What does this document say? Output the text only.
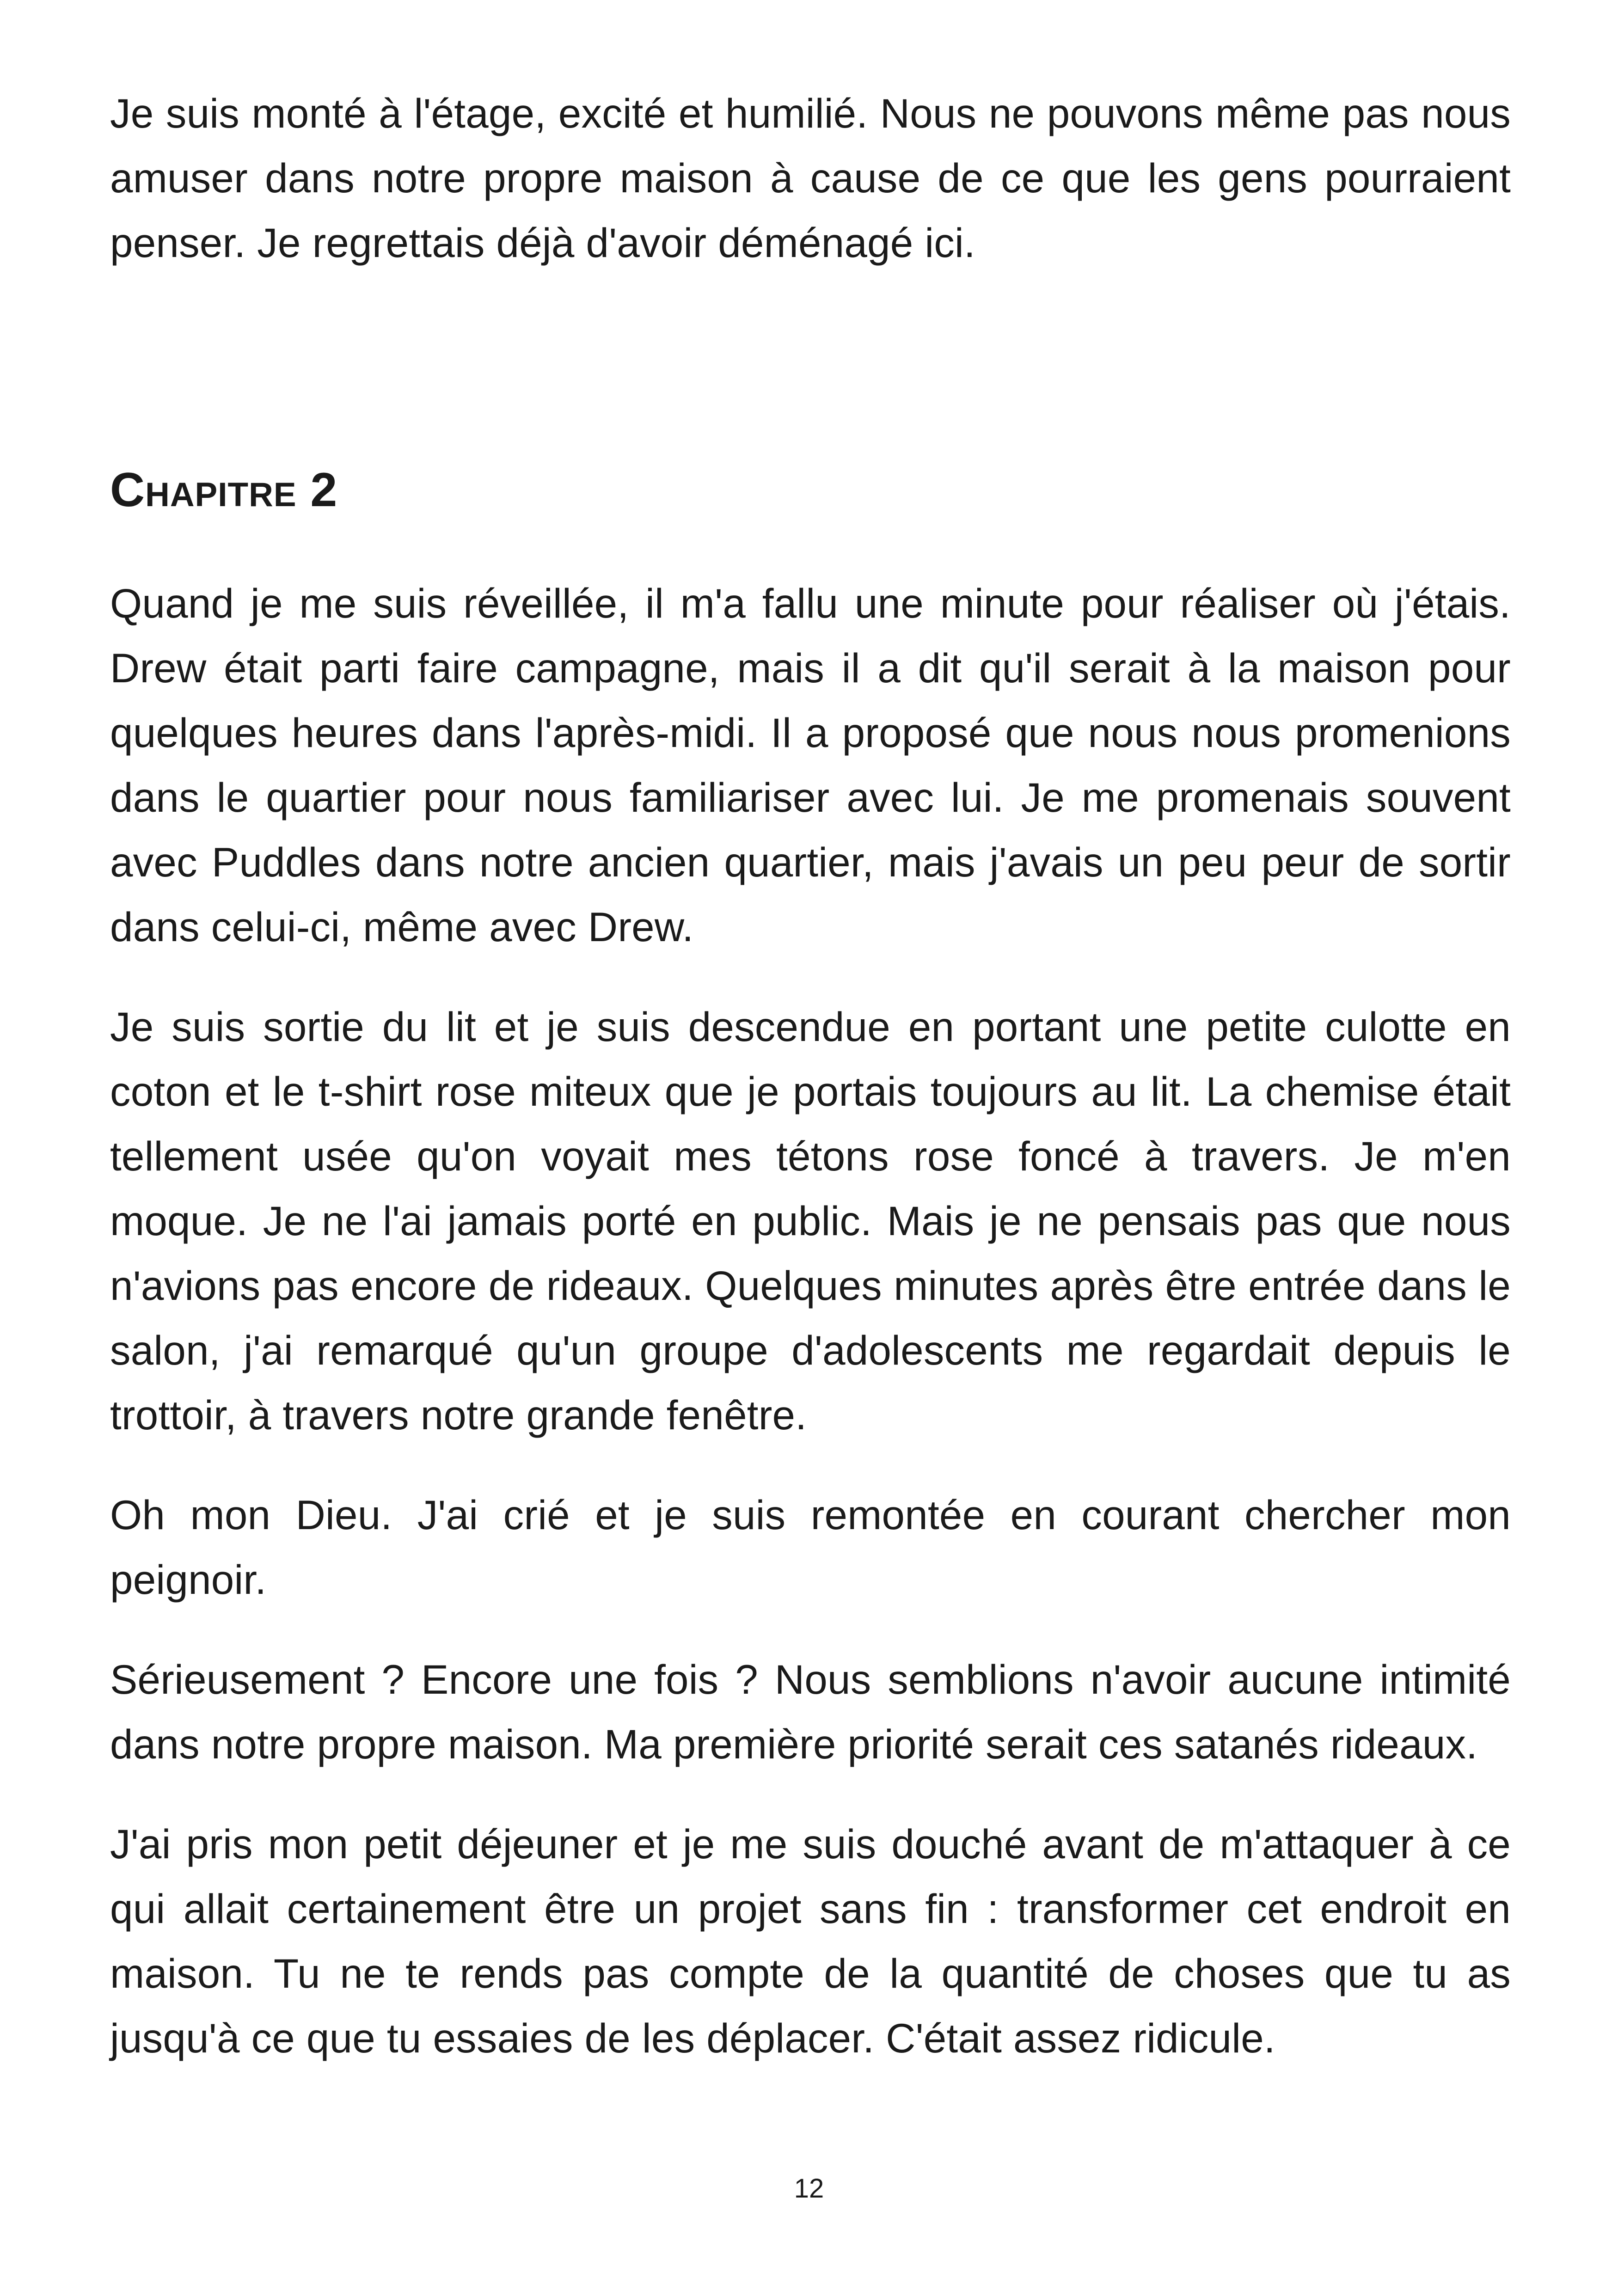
Je suis monté à l'étage, excité et humilié. Nous ne pouvons même pas nous amuser dans notre propre maison à cause de ce que les gens pourraient penser. Je regrettais déjà d'avoir déménagé ici.

Chapitre 2

Quand je me suis réveillée, il m'a fallu une minute pour réaliser où j'étais. Drew était parti faire campagne, mais il a dit qu'il serait à la maison pour quelques heures dans l'après-midi. Il a proposé que nous nous promenions dans le quartier pour nous familiariser avec lui. Je me promenais souvent avec Puddles dans notre ancien quartier, mais j'avais un peu peur de sortir dans celui-ci, même avec Drew.

Je suis sortie du lit et je suis descendue en portant une petite culotte en coton et le t-shirt rose miteux que je portais toujours au lit. La chemise était tellement usée qu'on voyait mes tétons rose foncé à travers. Je m'en moque. Je ne l'ai jamais porté en public. Mais je ne pensais pas que nous n'avions pas encore de rideaux. Quelques minutes après être entrée dans le salon, j'ai remarqué qu'un groupe d'adolescents me regardait depuis le trottoir, à travers notre grande fenêtre.

Oh mon Dieu. J'ai crié et je suis remontée en courant chercher mon peignoir.

Sérieusement ? Encore une fois ? Nous semblions n'avoir aucune intimité dans notre propre maison. Ma première priorité serait ces satanés rideaux.

J'ai pris mon petit déjeuner et je me suis douché avant de m'attaquer à ce qui allait certainement être un projet sans fin : transformer cet endroit en maison. Tu ne te rends pas compte de la quantité de choses que tu as jusqu'à ce que tu essaies de les déplacer. C'était assez ridicule.

12
